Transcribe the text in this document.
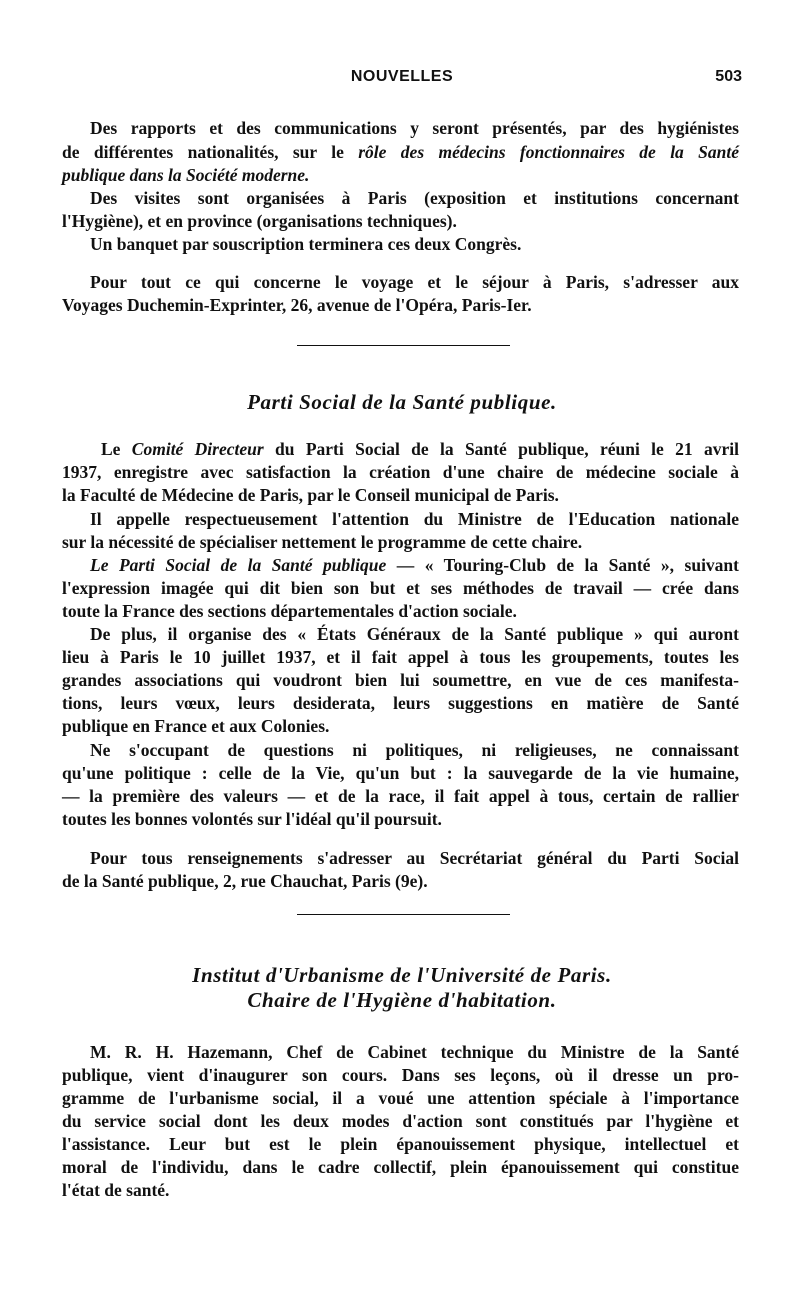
NOUVELLES	503
Des rapports et des communications y seront présentés, par des hygiénistes
de différentes nationalités, sur le rôle des médecins fonctionnaires de la Santé
publique dans la Société moderne.
Des visites sont organisées à Paris (exposition et institutions concernant
l'Hygiène), et en province (organisations techniques).
Un banquet par souscription terminera ces deux Congrès.
Pour tout ce qui concerne le voyage et le séjour à Paris, s'adresser aux
Voyages Duchemin-Exprinter, 26, avenue de l'Opéra, Paris-Ier.
Parti Social de la Santé publique.
Le Comité Directeur du Parti Social de la Santé publique, réuni le 21 avril
1937, enregistre avec satisfaction la création d'une chaire de médecine sociale à
la Faculté de Médecine de Paris, par le Conseil municipal de Paris.
Il appelle respectueusement l'attention du Ministre de l'Education nationale
sur la nécessité de spécialiser nettement le programme de cette chaire.
Le Parti Social de la Santé publique — « Touring-Club de la Santé », suivant
l'expression imagée qui dit bien son but et ses méthodes de travail — crée dans
toute la France des sections départementales d'action sociale.
De plus, il organise des « États Généraux de la Santé publique » qui auront
lieu à Paris le 10 juillet 1937, et il fait appel à tous les groupements, toutes les
grandes associations qui voudront bien lui soumettre, en vue de ces manifesta-
tions, leurs vœux, leurs desiderata, leurs suggestions en matière de Santé
publique en France et aux Colonies.
Ne s'occupant de questions ni politiques, ni religieuses, ne connaissant
qu'une politique : celle de la Vie, qu'un but : la sauvegarde de la vie humaine,
— la première des valeurs — et de la race, il fait appel à tous, certain de rallier
toutes les bonnes volontés sur l'idéal qu'il poursuit.
Pour tous renseignements s'adresser au Secrétariat général du Parti Social
de la Santé publique, 2, rue Chauchat, Paris (9e).
Institut d'Urbanisme de l'Université de Paris.
Chaire de l'Hygiène d'habitation.
M. R. H. Hazemann, Chef de Cabinet technique du Ministre de la Santé
publique, vient d'inaugurer son cours. Dans ses leçons, où il dresse un pro-
gramme de l'urbanisme social, il a voué une attention spéciale à l'importance
du service social dont les deux modes d'action sont constitués par l'hygiène et
l'assistance. Leur but est le plein épanouissement physique, intellectuel et
moral de l'individu, dans le cadre collectif, plein épanouissement qui constitue
l'état de santé.
